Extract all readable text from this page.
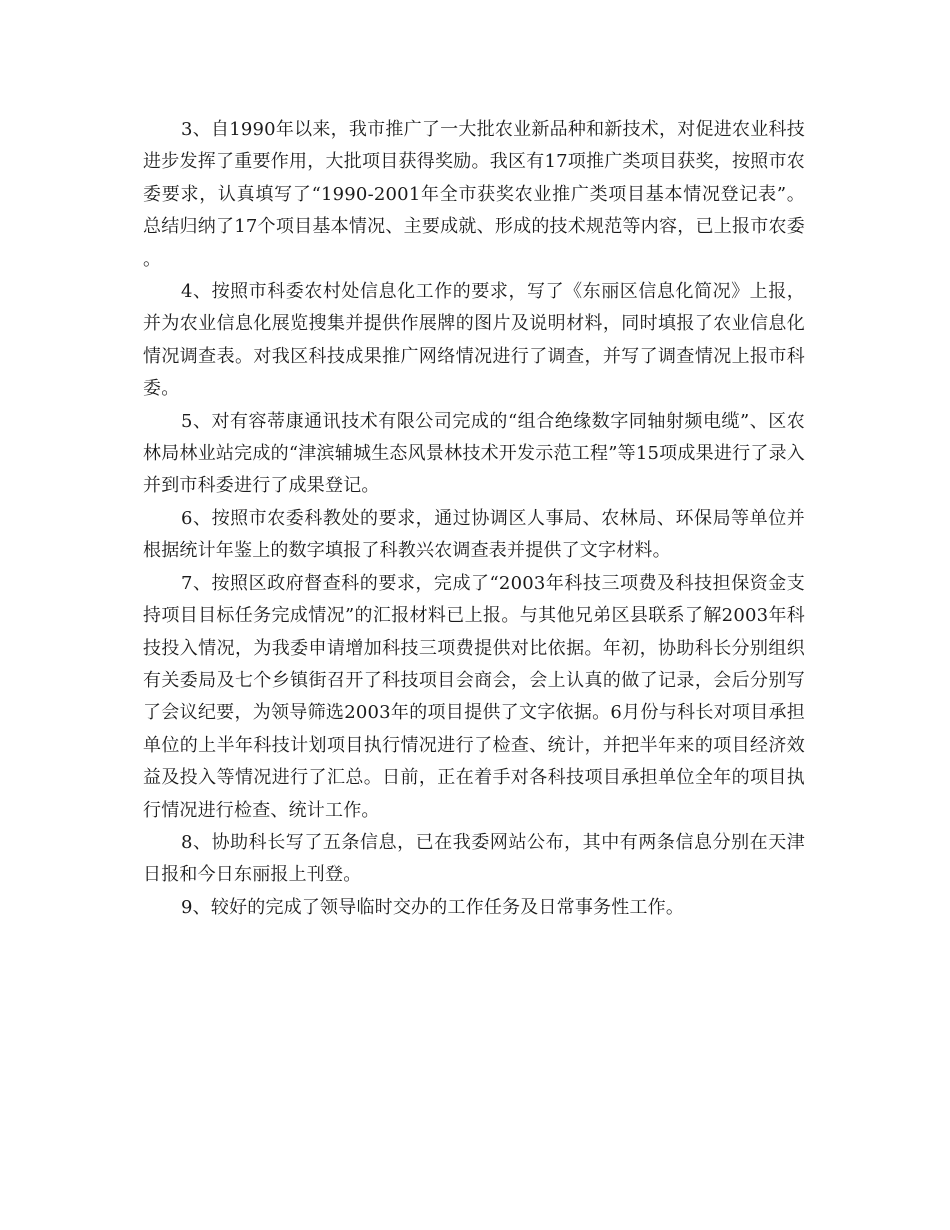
3、自1990年以来，我市推广了一大批农业新品种和新技术，对促进农业科技进步发挥了重要作用，大批项目获得奖励。我区有17项推广类项目获奖，按照市农委要求，认真填写了“1990-2001年全市获奖农业推广类项目基本情况登记表”。总结归纳了17个项目基本情况、主要成就、形成的技术规范等内容，已上报市农委。

4、按照市科委农村处信息化工作的要求，写了《东丽区信息化简况》上报，并为农业信息化展览搜集并提供作展牌的图片及说明材料，同时填报了农业信息化情况调查表。对我区科技成果推广网络情况进行了调查，并写了调查情况上报市科委。

5、对有容蒂康通讯技术有限公司完成的“组合绝缘数字同轴射频电缆”、区农林局林业站完成的“津滨辅城生态风景林技术开发示范工程”等15项成果进行了录入并到市科委进行了成果登记。

6、按照市农委科教处的要求，通过协调区人事局、农林局、环保局等单位并根据统计年鉴上的数字填报了科教兴农调查表并提供了文字材料。

7、按照区政府督查科的要求，完成了“2003年科技三项费及科技担保资金支持项目目标任务完成情况”的汇报材料已上报。与其他兄弟区县联系了解2003年科技投入情况，为我委申请增加科技三项费提供对比依据。年初，协助科长分别组织有关委局及七个乡镇街召开了科技项目会商会，会上认真的做了记录，会后分别写了会议纪要，为领导筛选2003年的项目提供了文字依据。6月份与科长对项目承担单位的上半年科技计划项目执行情况进行了检查、统计，并把半年来的项目经济效益及投入等情况进行了汇总。日前，正在着手对各科技项目承担单位全年的项目执行情况进行检查、统计工作。

8、协助科长写了五条信息，已在我委网站公布，其中有两条信息分别在天津日报和今日东丽报上刊登。

9、较好的完成了领导临时交办的工作任务及日常事务性工作。
